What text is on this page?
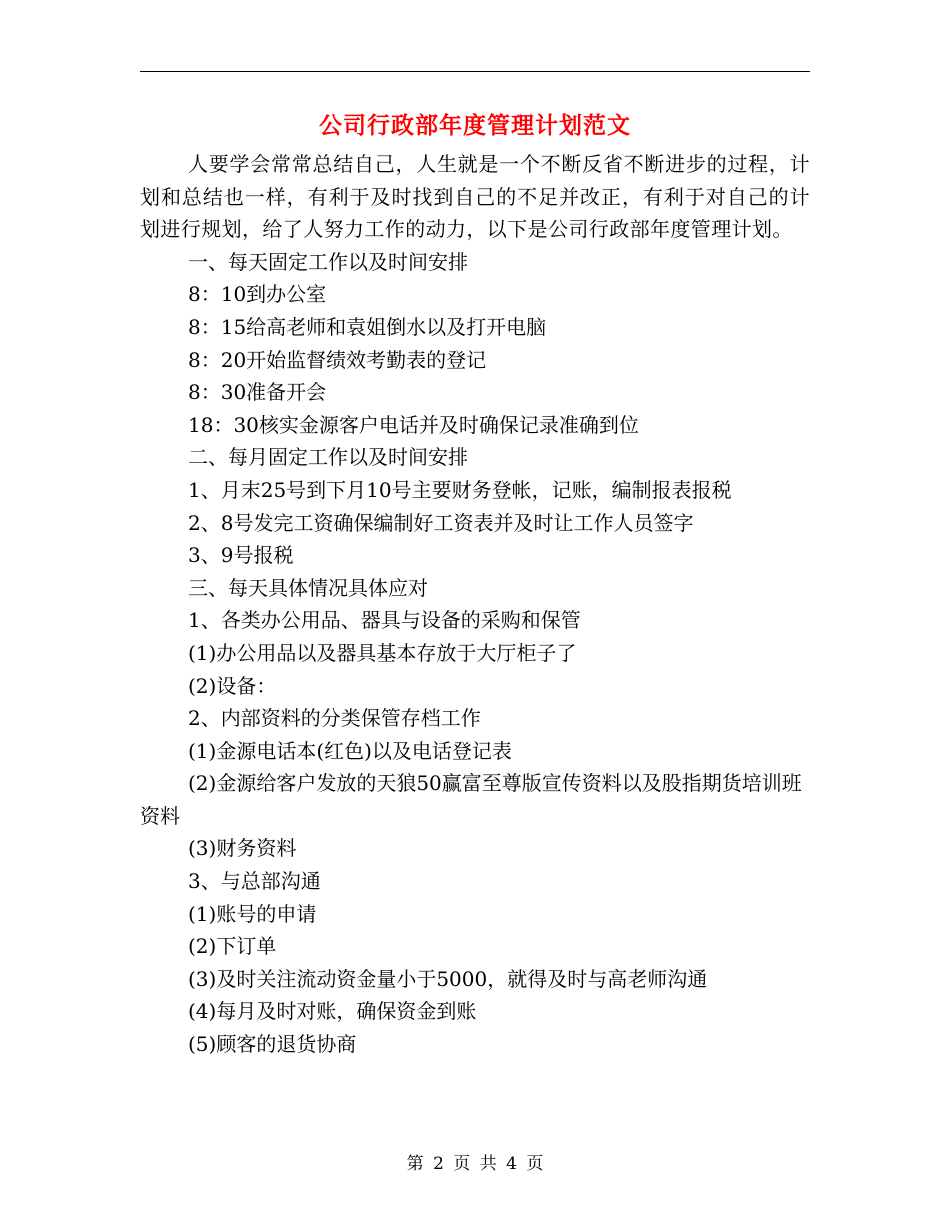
公司行政部年度管理计划范文

人要学会常常总结自己，人生就是一个不断反省不断进步的过程，计划和总结也一样，有利于及时找到自己的不足并改正，有利于对自己的计划进行规划，给了人努力工作的动力，以下是公司行政部年度管理计划。

一、每天固定工作以及时间安排

8：10到办公室

8：15给高老师和袁姐倒水以及打开电脑

8：20开始监督绩效考勤表的登记

8：30准备开会

18：30核实金源客户电话并及时确保记录准确到位

二、每月固定工作以及时间安排

1、月末25号到下月10号主要财务登帐，记账，编制报表报税

2、8号发完工资确保编制好工资表并及时让工作人员签字

3、9号报税

三、每天具体情况具体应对

1、各类办公用品、器具与设备的采购和保管

(1)办公用品以及器具基本存放于大厅柜子了

(2)设备：

2、内部资料的分类保管存档工作

(1)金源电话本(红色)以及电话登记表

(2)金源给客户发放的天狼50赢富至尊版宣传资料以及股指期货培训班资料

(3)财务资料

3、与总部沟通

(1)账号的申请

(2)下订单

(3)及时关注流动资金量小于5000，就得及时与高老师沟通

(4)每月及时对账，确保资金到账

(5)顾客的退货协商

第 2 页 共 4 页
